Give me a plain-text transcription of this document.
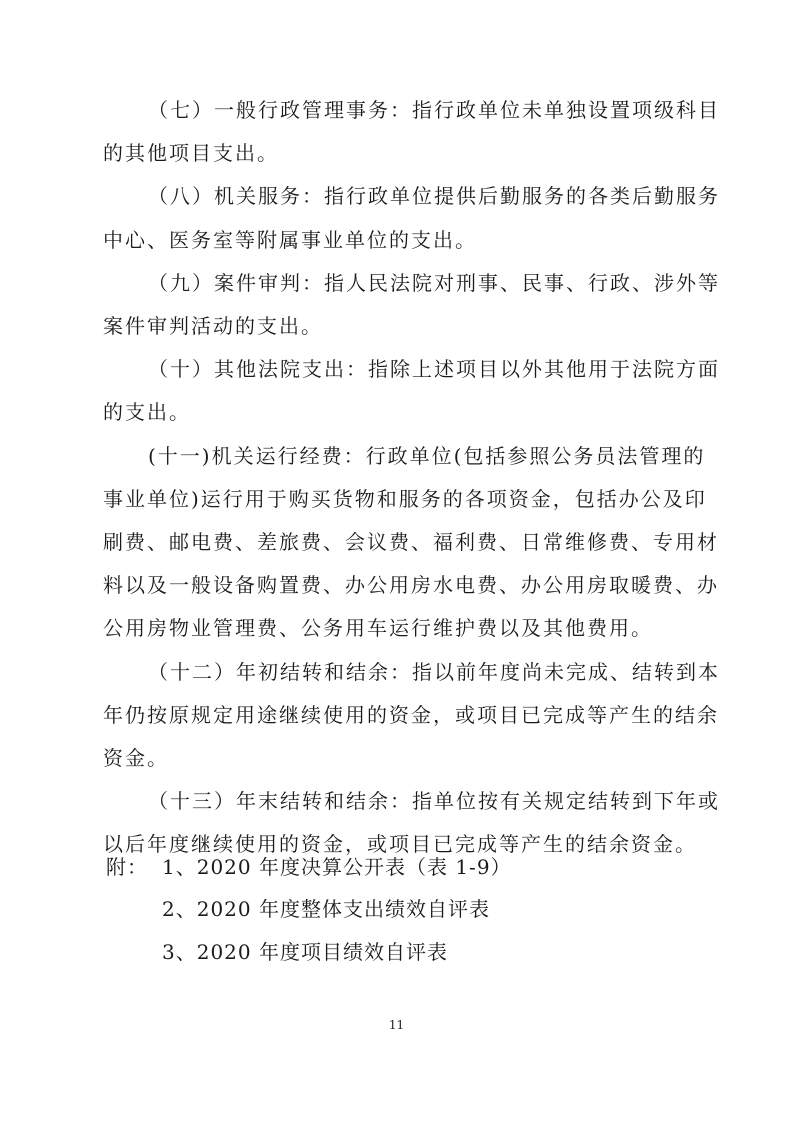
（七）一般行政管理事务：指行政单位未单独设置项级科目
的其他项目支出。
（八）机关服务：指行政单位提供后勤服务的各类后勤服务
中心、医务室等附属事业单位的支出。
（九）案件审判：指人民法院对刑事、民事、行政、涉外等
案件审判活动的支出。
（十）其他法院支出：指除上述项目以外其他用于法院方面
的支出。
(十一)机关运行经费：行政单位(包括参照公务员法管理的
事业单位)运行用于购买货物和服务的各项资金，包括办公及印
刷费、邮电费、差旅费、会议费、福利费、日常维修费、专用材
料以及一般设备购置费、办公用房水电费、办公用房取暖费、办
公用房物业管理费、公务用车运行维护费以及其他费用。
（十二）年初结转和结余：指以前年度尚未完成、结转到本
年仍按原规定用途继续使用的资金，或项目已完成等产生的结余
资金。
（十三）年末结转和结余：指单位按有关规定结转到下年或
以后年度继续使用的资金，或项目已完成等产生的结余资金。
附： 1、2020 年度决算公开表（表 1-9）
2、2020 年度整体支出绩效自评表
3、2020 年度项目绩效自评表
11
